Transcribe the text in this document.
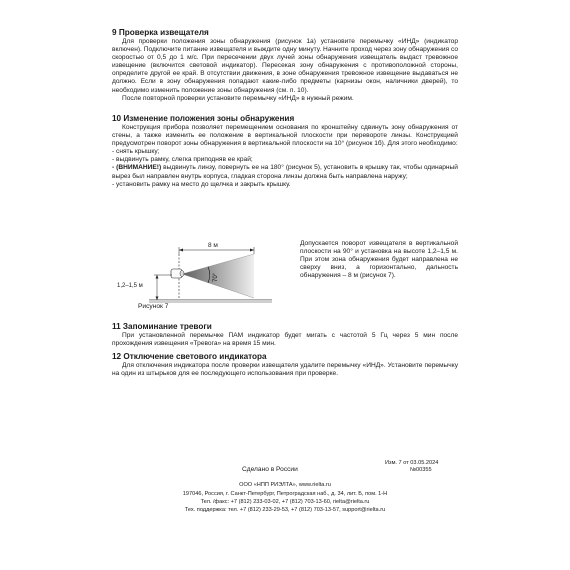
9 Проверка извещателя

Для проверки положения зоны обнаружения (рисунок 1а) установите перемычку «ИНД» (индикатор включен). Подключите питание извещателя и выждите одну минуту. Начните проход через зону обнаружения со скоростью от 0,5 до 1 м/с. При пересечении двух лучей зоны обнаружения извещатель выдаст тревожное извещение (включится световой индикатор). Пересекая зону обнаружения с противоположной стороны, определите другой ее край. В отсутствии движения, в зоне обнаружения тревожное извещение выдаваться не должно. Если в зону обнаружения попадают какие-либо предметы (карнизы окон, наличники дверей), то необходимо изменить положение зоны обнаружения (см. п. 10).

После повторной проверки установите перемычку «ИНД» в нужный режим.

10 Изменение положения зоны обнаружения

Конструкция прибора позволяет перемещением основания по кронштейну сдвинуть зону обнаружения от стены, а также изменить ее положение в вертикальной плоскости при перевороте линзы. Конструкцией предусмотрен поворот зоны обнаружения в вертикальной плоскости на 10° (рисунок 1б). Для этого необходимо:

- снять крышку;
- выдвинуть рамку, слегка приподняв ее край;
- (ВНИМАНИЕ!) выдвинуть линзу, повернуть ее на 180° (рисунок 5), установить в крышку так, чтобы одинарный вырез был направлен внутрь корпуса, гладкая сторона линзы должна быть направлена наружу;
- установить рамку на место до щелчка и закрыть крышку.
8 м
70°
1,2–1,5 м
Рисунок 7
Допускается поворот извещателя в вертикальной плоскости на 90° и установка на высоте 1,2–1,5 м. При этом зона обнаружения будет направлена не сверху вниз, а горизонтально, дальность обнаружения – 8 м (рисунок 7).
11 Запоминание тревоги

При установленной перемычке ПАМ индикатор будет мигать с частотой 5 Гц через 5 мин после прохождения извещения «Тревога» на время 15 мин.

12 Отключение светового индикатора

Для отключения индикатора после проверки извещателя удалите перемычку «ИНД». Установите перемычку на один из штырьков для ее последующего использования при проверке.

Изм. 7 от 03.05.2024
№00355
Сделано в России
ООО «НПП РИЭЛТА», www.rielta.ru
197046, Россия, г. Санкт-Петербург, Петроградская наб., д. 34, лит. Б, пом. 1-Н
Тел. /факс: +7 (812) 233-03-02, +7 (812) 703-13-60, rielta@rielta.ru
Тех. поддержка: тел. +7 (812) 233-29-53, +7 (812) 703-13-57, support@rielta.ru
